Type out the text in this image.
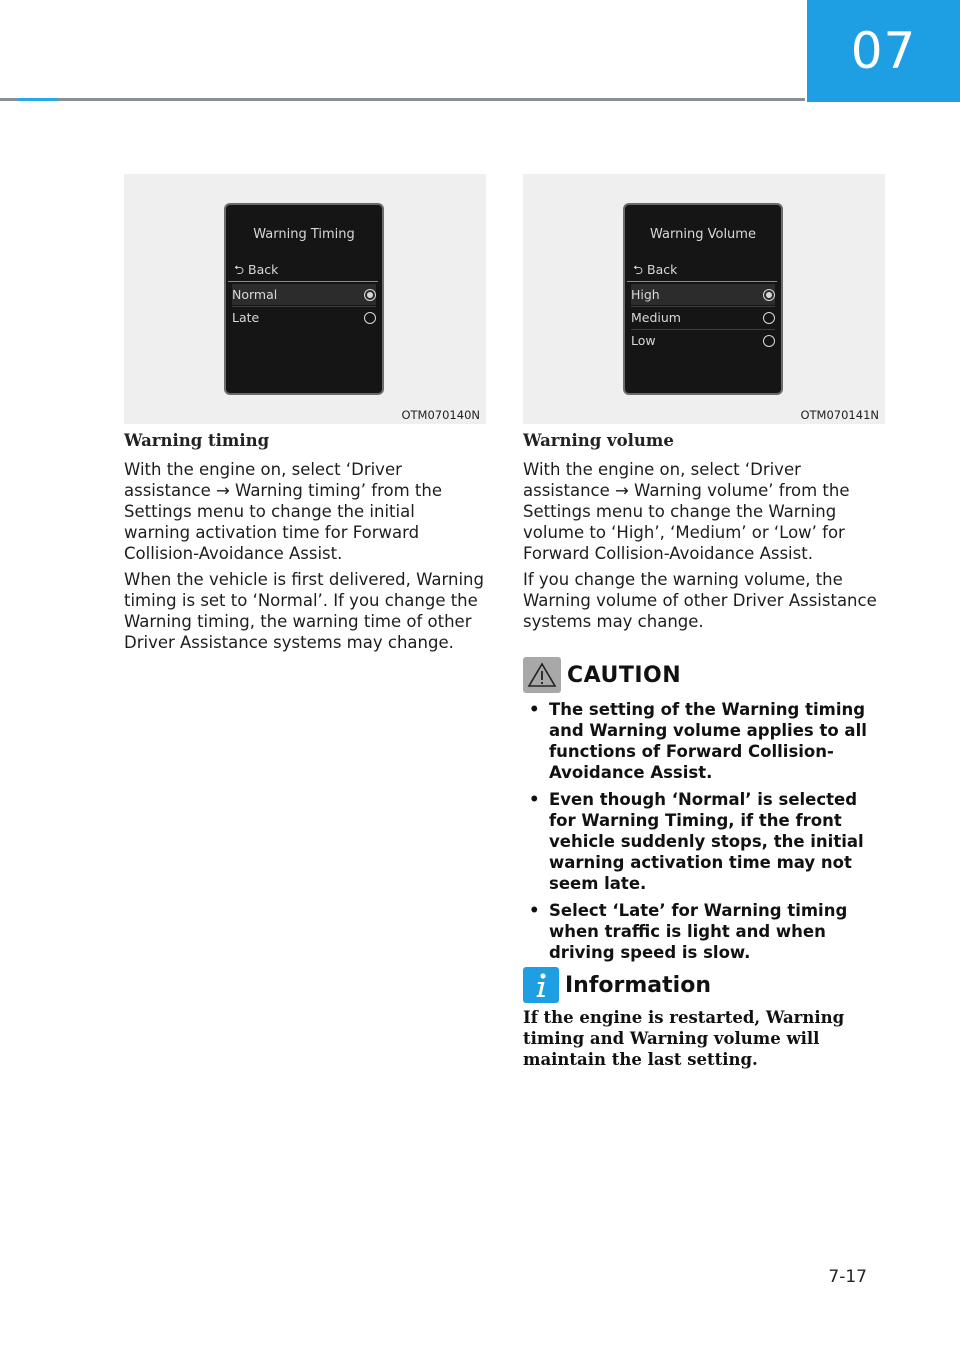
07
Warning Timing
⮌ Back
Normal
Late
OTM070140N
Warning Volume
⮌ Back
High
Medium
Low
OTM070141N
Warning timing

With the engine on, select ‘Driver assistance → Warning timing’ from the Settings menu to change the initial warning activation time for Forward Collision-Avoidance Assist.

When the vehicle is first delivered, Warning timing is set to ‘Normal’. If you change the Warning timing, the warning time of other Driver Assistance systems may change.

Warning volume

With the engine on, select ‘Driver assistance → Warning volume’ from the Settings menu to change the Warning volume to ‘High’, ‘Medium’ or ‘Low’ for Forward Collision-Avoidance Assist.

If you change the warning volume, the Warning volume of other Driver Assistance systems may change.

CAUTION
• The setting of the Warning timing and Warning volume applies to all functions of Forward Collision-Avoidance Assist.
• Even though ‘Normal’ is selected for Warning Timing, if the front vehicle suddenly stops, the initial warning activation time may not seem late.
• Select ‘Late’ for Warning timing when traffic is light and when driving speed is slow.
Information

If the engine is restarted, Warning timing and Warning volume will maintain the last setting.

7-17
